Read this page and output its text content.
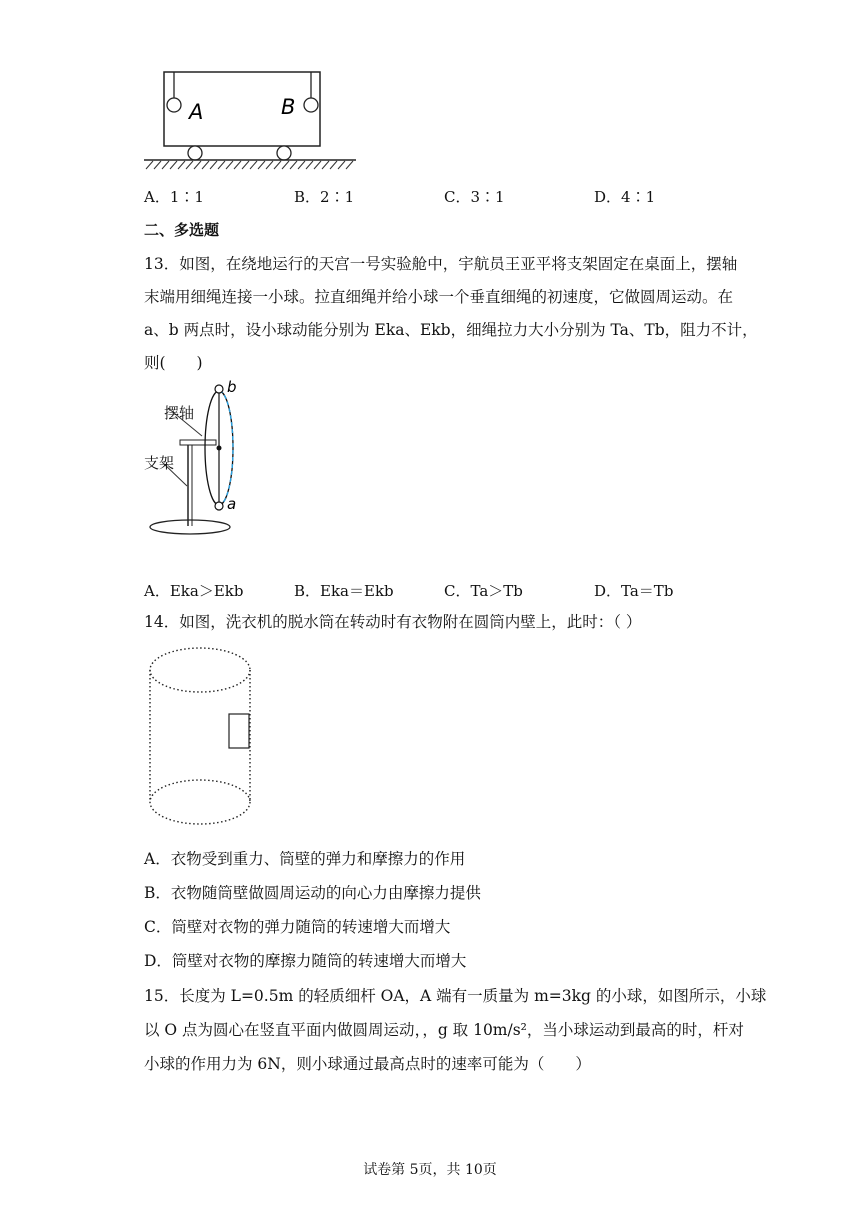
A	B
A．1∶1	B．2∶1	C．3∶1	D．4∶1
二、多选题
13．如图，在绕地运行的天宫一号实验舱中，宇航员王亚平将支架固定在桌面上，摆轴
末端用细绳连接一小球。拉直细绳并给小球一个垂直细绳的初速度，它做圆周运动。在
a、b 两点时，设小球动能分别为 Eka、Ekb，细绳拉力大小分别为 Ta、Tb，阻力不计，
则(　　)
摆轴
支架
b
a
A．Eka＞Ekb	B．Eka＝Ekb	C．Ta＞Tb	D．Ta＝Tb
14．如图，洗衣机的脱水筒在转动时有衣物附在圆筒内壁上，此时：（ ）
A．衣物受到重力、筒壁的弹力和摩擦力的作用
B．衣物随筒壁做圆周运动的向心力由摩擦力提供
C．筒壁对衣物的弹力随筒的转速增大而增大
D．筒壁对衣物的摩擦力随筒的转速增大而增大
15．长度为 L=0.5m 的轻质细杆 OA，A 端有一质量为 m=3kg 的小球，如图所示，小球
以 O 点为圆心在竖直平面内做圆周运动，，g 取 10m/s²，当小球运动到最高的时，杆对
小球的作用力为 6N，则小球通过最高点时的速率可能为（　　）
试卷第 5页，共 10页
